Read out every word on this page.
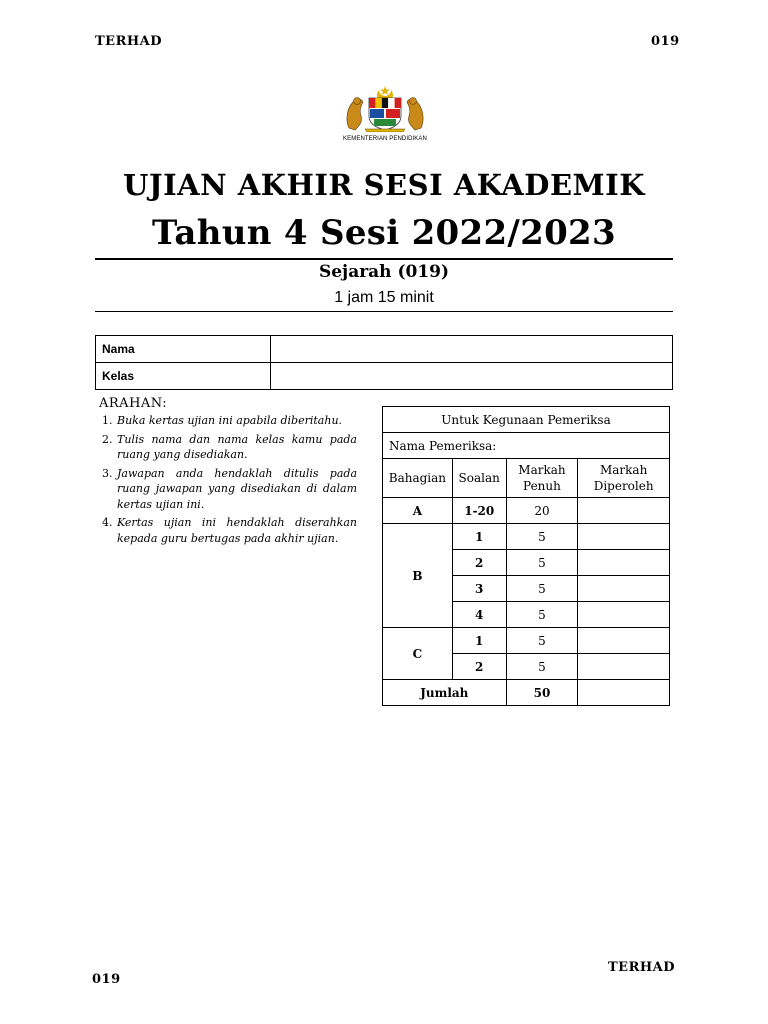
TERHAD	019
KEMENTERIAN PENDIDIKAN
UJIAN AKHIR SESI AKADEMIK
Tahun 4 Sesi 2022/2023
Sejarah (019)
1 jam 15 minit
Nama	
Kelas	
ARAHAN:
1. Buka kertas ujian ini apabila diberitahu.
2. Tulis nama dan nama kelas kamu pada ruang yang disediakan.
3. Jawapan anda hendaklah ditulis pada ruang jawapan yang disediakan di dalam kertas ujian ini.
4. Kertas ujian ini hendaklah diserahkan kepada guru bertugas pada akhir ujian.
Untuk Kegunaan Pemeriksa			
Nama Pemeriksa:			
Bahagian	Soalan	Markah Penuh	Markah Diperoleh
A	1-20	20	
B	1	5	
	2	5	
	3	5	
	4	5	
C	1	5	
	2	5	
Jumlah		50	
019
TERHAD
